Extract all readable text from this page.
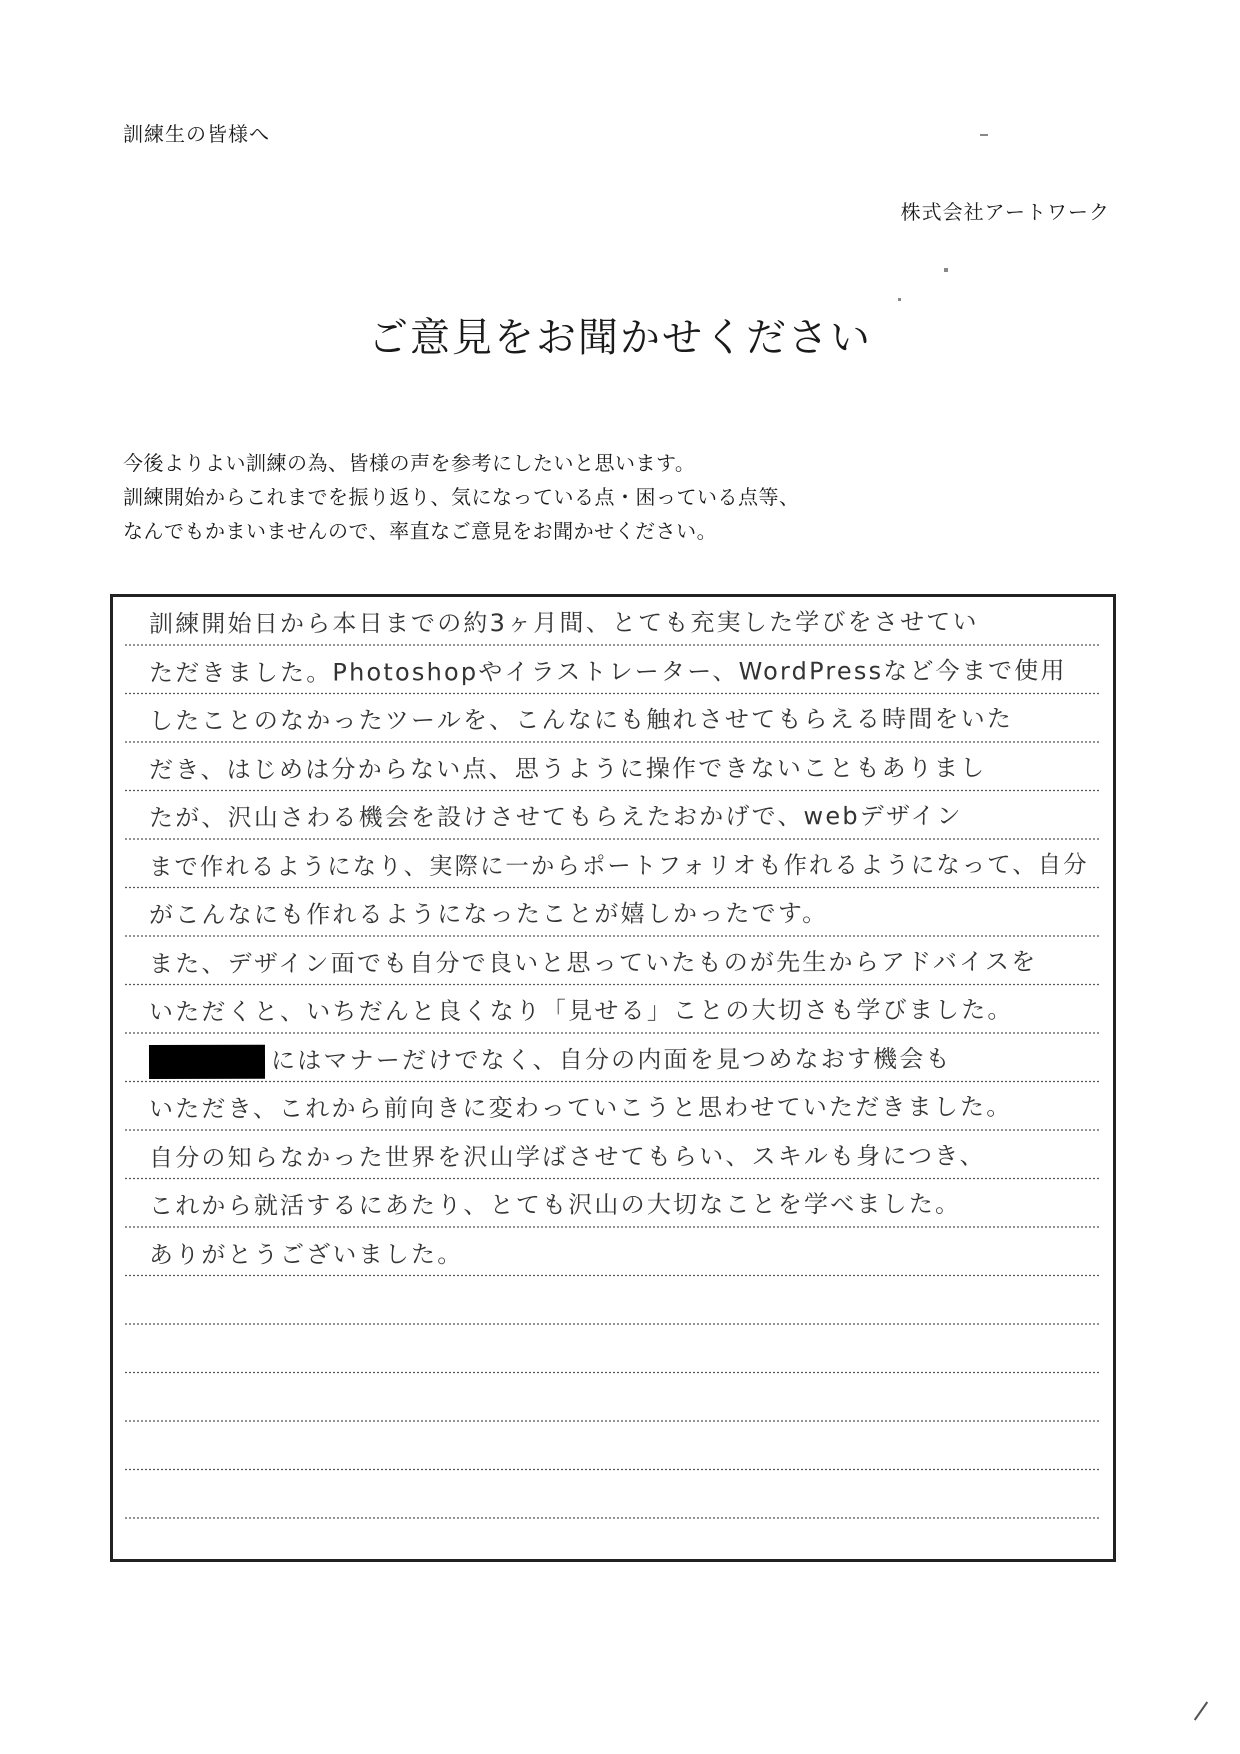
訓練生の皆様へ
株式会社アートワーク
ご意見をお聞かせください
今後よりよい訓練の為、皆様の声を参考にしたいと思います。
訓練開始からこれまでを振り返り、気になっている点・困っている点等、
なんでもかまいませんので、率直なご意見をお聞かせください。
訓練開始日から本日までの約3ヶ月間、とても充実した学びをさせてい
ただきました。Photoshopやイラストレーター、WordPressなど今まで使用
したことのなかったツールを、こんなにも触れさせてもらえる時間をいた
だき、はじめは分からない点、思うように操作できないこともありまし
たが、沢山さわる機会を設けさせてもらえたおかげで、webデザイン
まで作れるようになり、実際に一からポートフォリオも作れるようになって、自分
がこんなにも作れるようになったことが嬉しかったです。
また、デザイン面でも自分で良いと思っていたものが先生からアドバイスを
いただくと、いちだんと良くなり「見せる」ことの大切さも学びました。
にはマナーだけでなく、自分の内面を見つめなおす機会も
いただき、これから前向きに変わっていこうと思わせていただきました。
自分の知らなかった世界を沢山学ばさせてもらい、スキルも身につき、
これから就活するにあたり、とても沢山の大切なことを学べました。
ありがとうございました。
